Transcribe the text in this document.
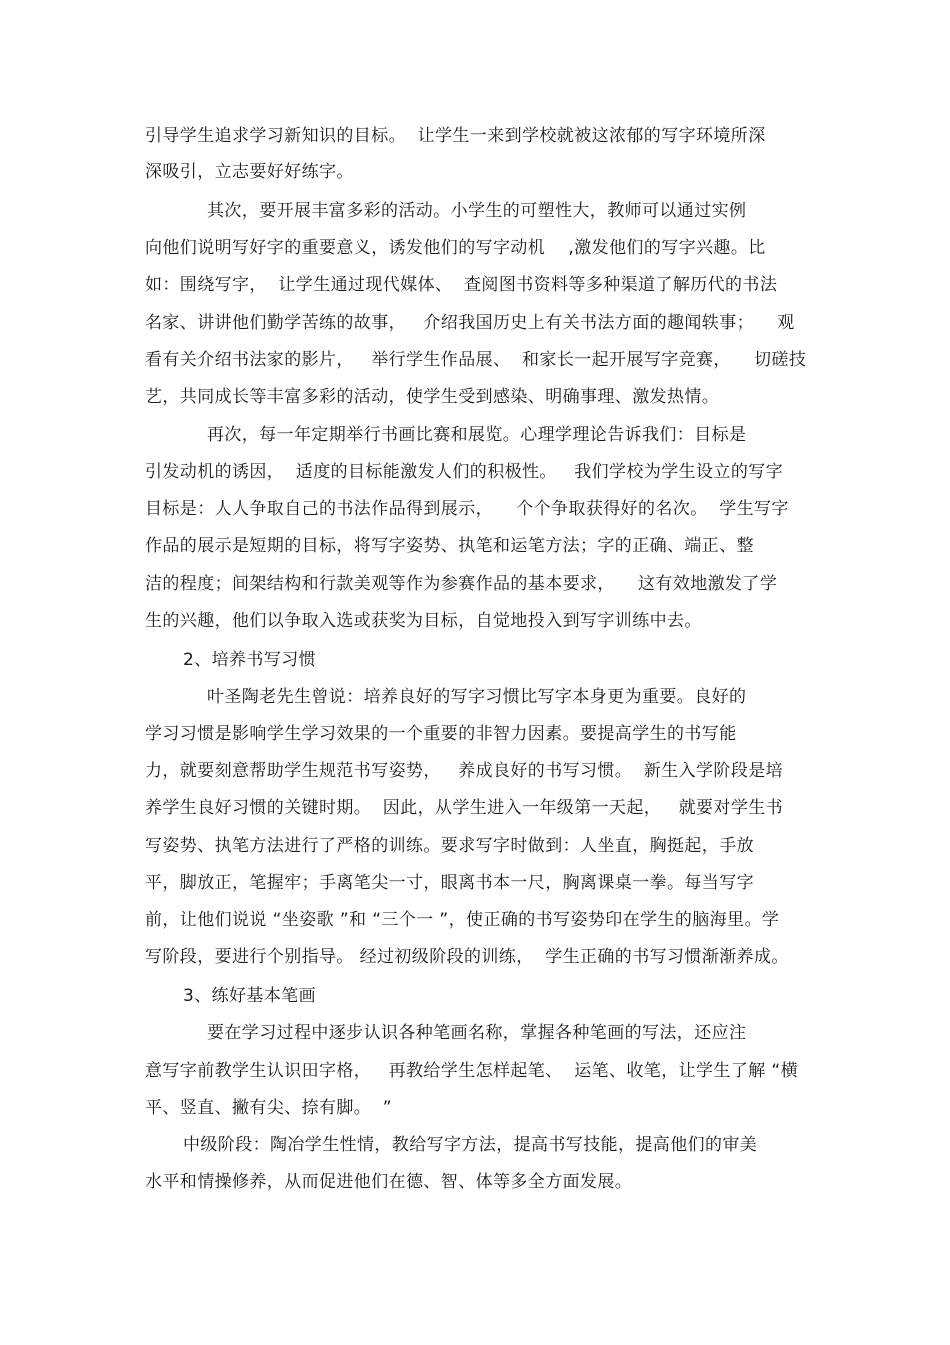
引导学生追求学习新知识的目标。  让学生一来到学校就被这浓郁的写字环境所深
深吸引，立志要好好练字。
其次，要开展丰富多彩的活动。小学生的可塑性大，教师可以通过实例
向他们说明写好字的重要意义，诱发他们的写字动机    ,激发他们的写字兴趣。比
如：围绕写字，  让学生通过现代媒体、  查阅图书资料等多种渠道了解历代的书法
名家、讲讲他们勤学苦练的故事，   介绍我国历史上有关书法方面的趣闻轶事；    观
看有关介绍书法家的影片，   举行学生作品展、  和家长一起开展写字竞赛，    切磋技
艺，共同成长等丰富多彩的活动，使学生受到感染、明确事理、激发热情。
再次，每一年定期举行书画比赛和展览。心理学理论告诉我们：目标是
引发动机的诱因，  适度的目标能激发人们的积极性。   我们学校为学生设立的写字
目标是：人人争取自己的书法作品得到展示，    个个争取获得好的名次。  学生写字
作品的展示是短期的目标，将写字姿势、执笔和运笔方法；字的正确、端正、整
洁的程度；间架结构和行款美观等作为参赛作品的基本要求，    这有效地激发了学
生的兴趣，他们以争取入选或获奖为目标，自觉地投入到写字训练中去。
2、培养书写习惯
叶圣陶老先生曾说：培养良好的写字习惯比写字本身更为重要。良好的
学习习惯是影响学生学习效果的一个重要的非智力因素。要提高学生的书写能
力，就要刻意帮助学生规范书写姿势，   养成良好的书写习惯。  新生入学阶段是培
养学生良好习惯的关键时期。  因此，从学生进入一年级第一天起，   就要对学生书
写姿势、执笔方法进行了严格的训练。要求写字时做到：人坐直，胸挺起，手放
平，脚放正，笔握牢；手离笔尖一寸，眼离书本一尺，胸离课桌一拳。每当写字
前，让他们说说 “坐姿歌 ”和 “三个一 ”，使正确的书写姿势印在学生的脑海里。学
写阶段，要进行个别指导。 经过初级阶段的训练，  学生正确的书写习惯渐渐养成。
3、练好基本笔画
要在学习过程中逐步认识各种笔画名称，掌握各种笔画的写法，还应注
意写字前教学生认识田字格，   再教给学生怎样起笔、  运笔、收笔，让学生了解 “横
平、竖直、撇有尖、捺有脚。  ”
中级阶段：陶冶学生性情，教给写字方法，提高书写技能，提高他们的审美
水平和情操修养，从而促进他们在德、智、体等多全方面发展。
